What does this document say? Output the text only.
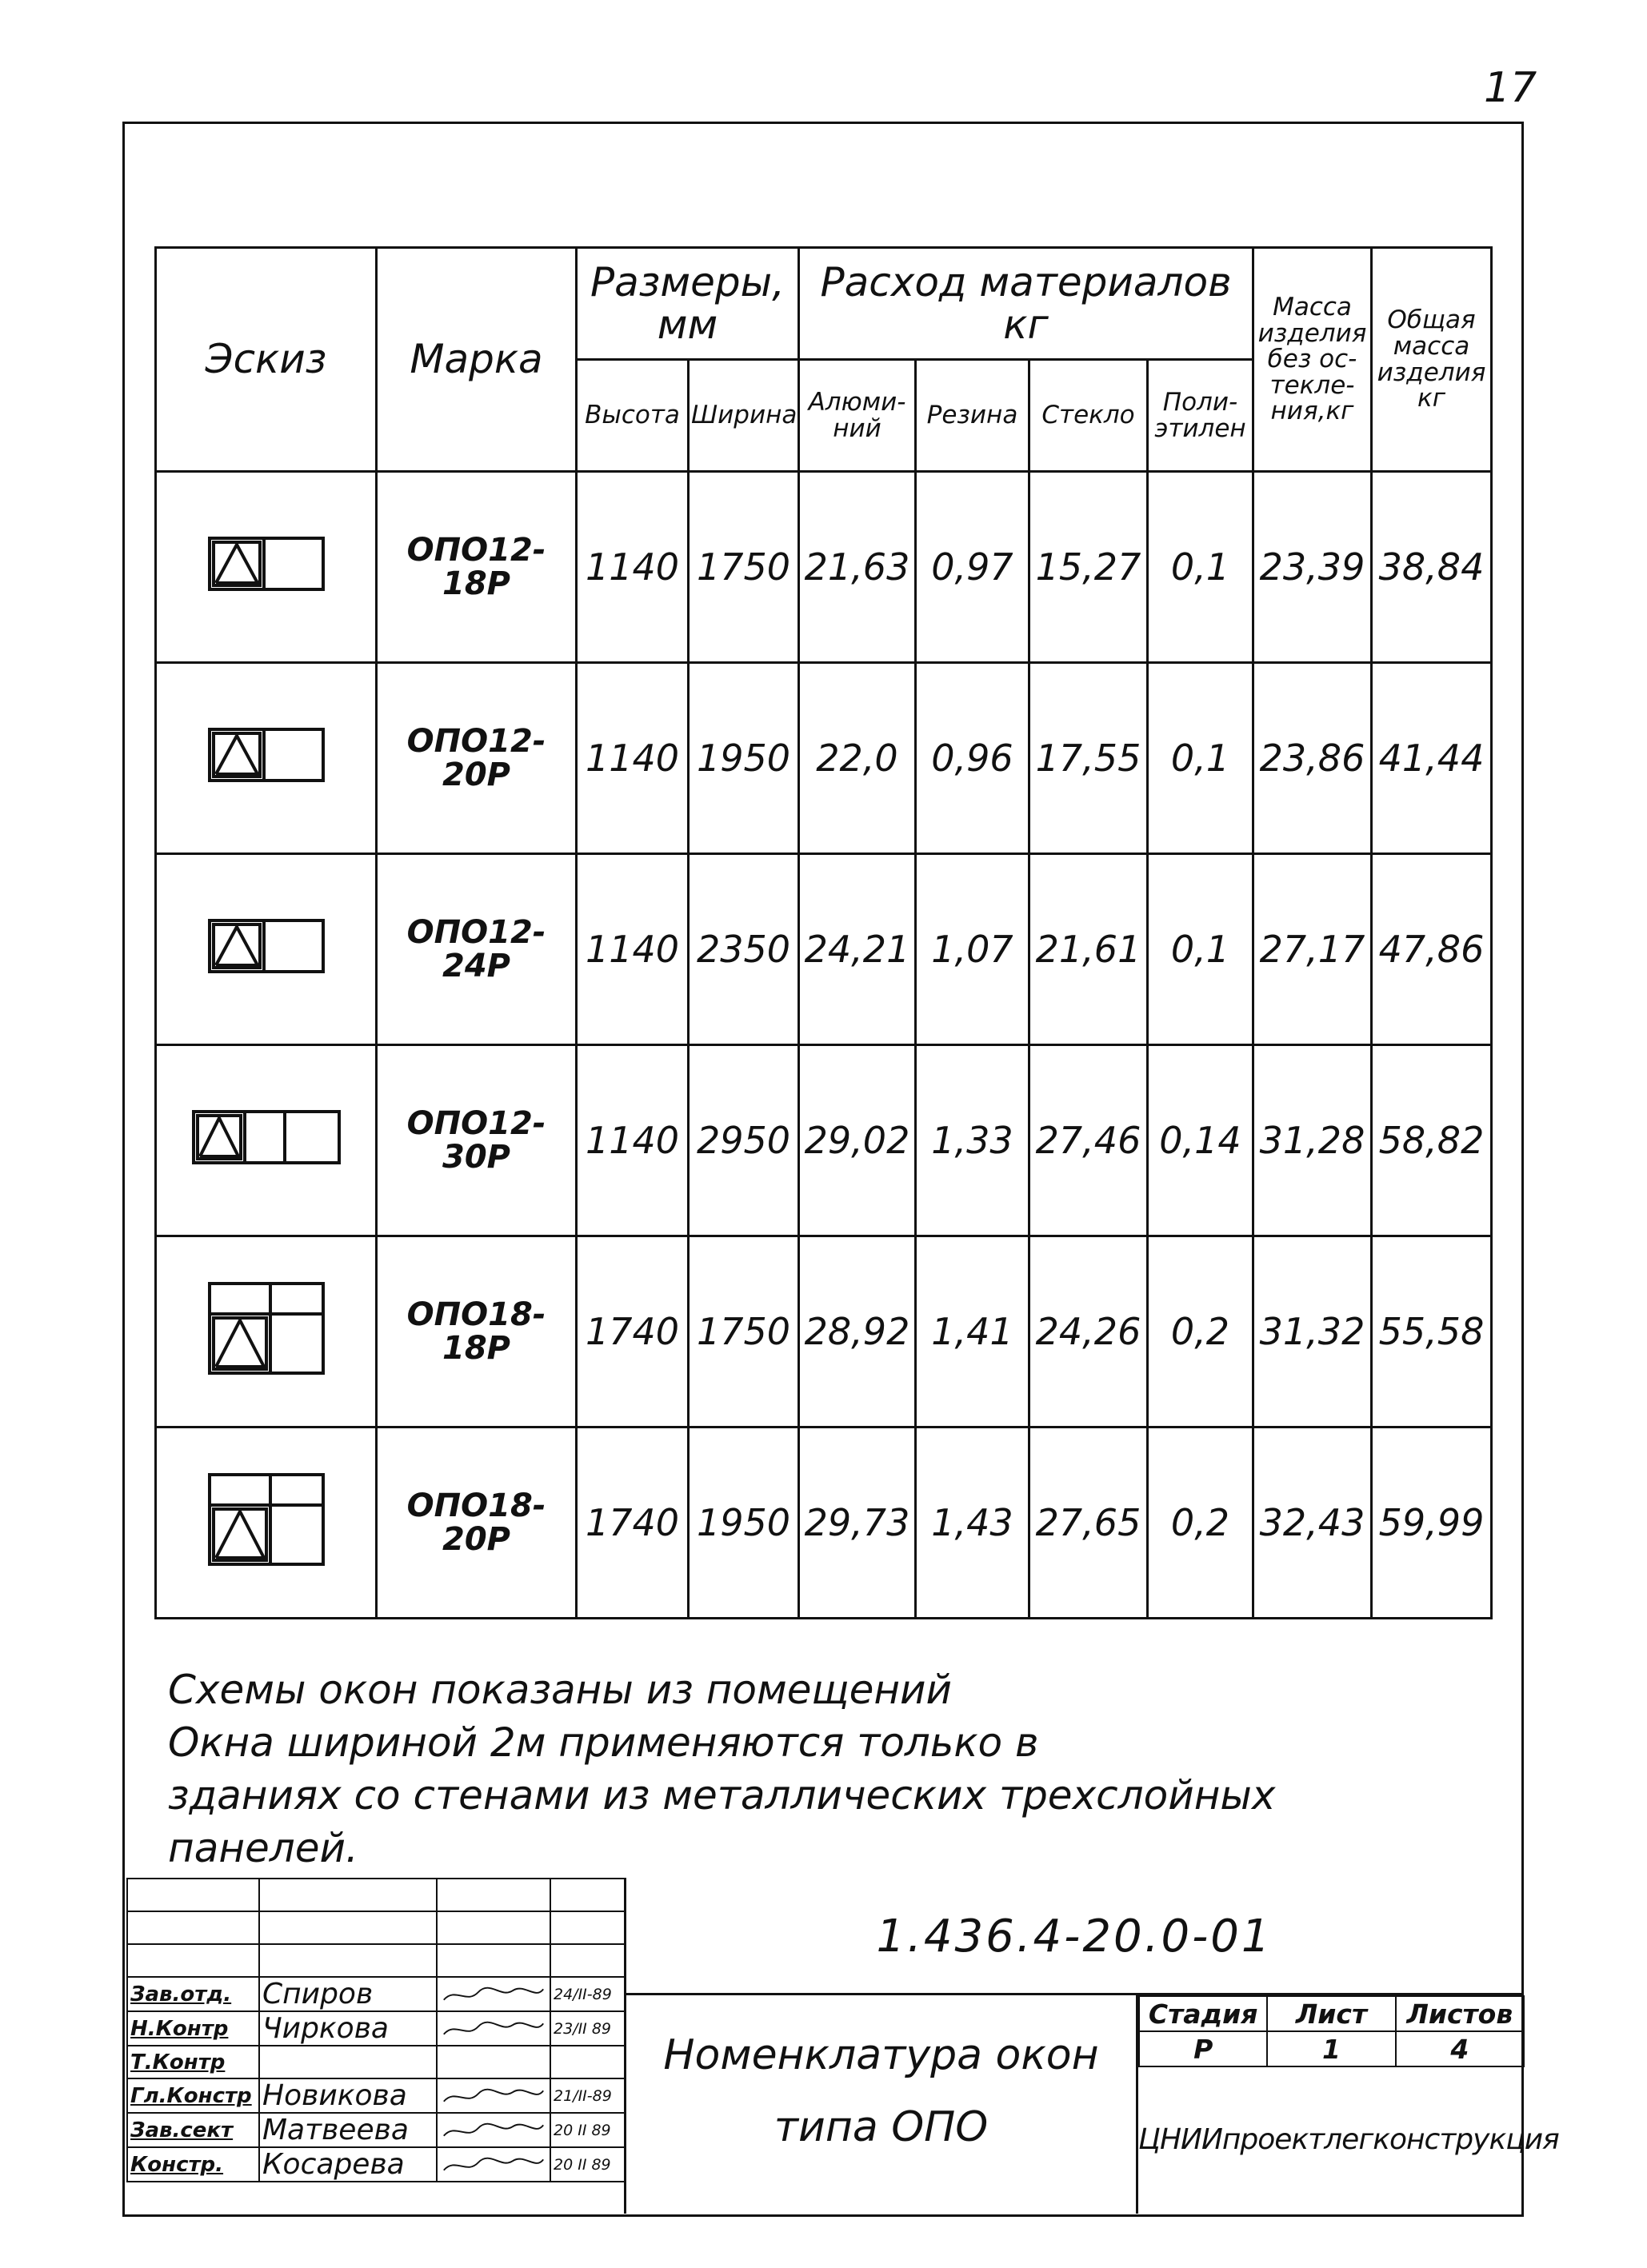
17
Эскиз	Марка	Размеры, мм		Расход материалов кг				Масса изделия без ос-текле-ния,кг	Общая масса изделия кг
		Высота	Ширина	Алюми-ний	Резина	Стекло	Поли-этилен		
	ОПО12-18Р	1140	1750	21,63	0,97	15,27	0,1	23,39	38,84
	ОПО12-20Р	1140	1950	22,0	0,96	17,55	0,1	23,86	41,44
	ОПО12-24Р	1140	2350	24,21	1,07	21,61	0,1	27,17	47,86
	ОПО12-30Р	1140	2950	29,02	1,33	27,46	0,14	31,28	58,82
	ОПО18-18Р	1740	1750	28,92	1,41	24,26	0,2	31,32	55,58
	ОПО18-20Р	1740	1950	29,73	1,43	27,65	0,2	32,43	59,99
Схемы окон показаны из помещений
Окна шириной 2м применяются только в
зданиях со стенами из металлических трехслойных
панелей.

Зав.отд.	Спиров		24/II-89
Н.Контр	Чиркова		23/II 89
Т.Контр			
Гл.Констр	Новикова		21/II-89
Зав.сект	Матвеева		20 II 89
Констр.	Косарева		20 II 89
1.436.4-20.0-01
Номенклатура окон
типа ОПО
Стадия	Лист	Листов
Р	1	4
ЦНИИпроектлегконструкция
